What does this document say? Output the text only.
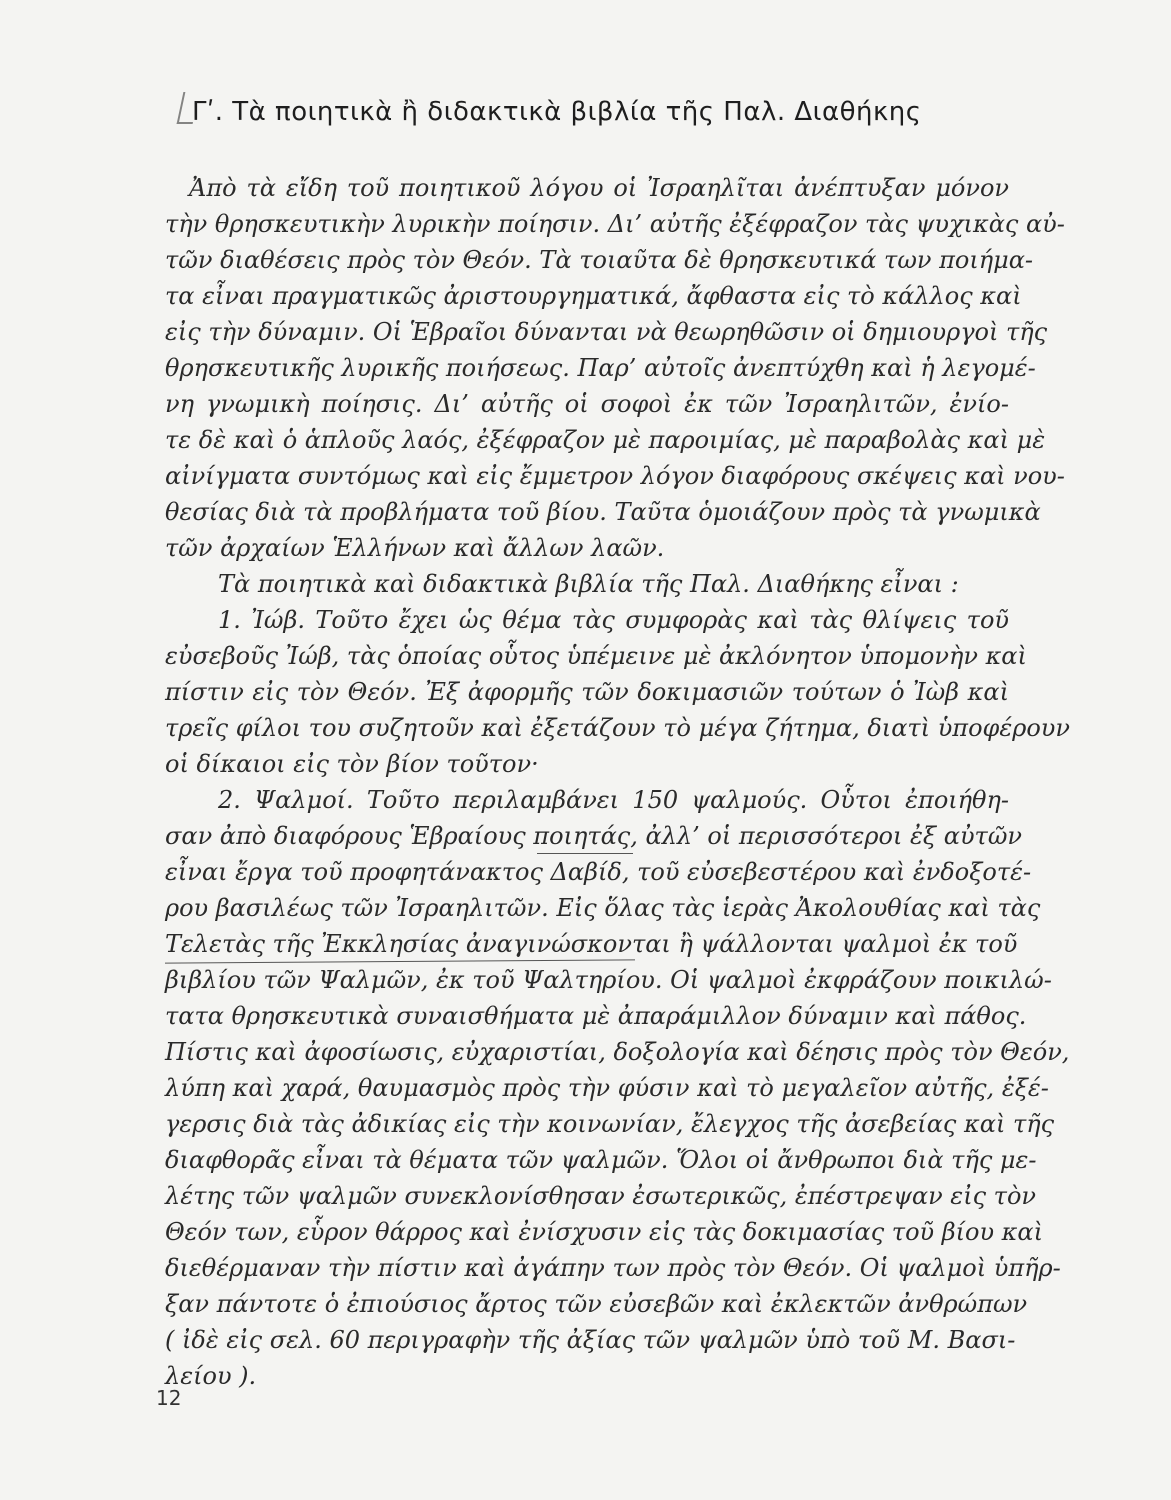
Γʹ. Τὰ ποιητικὰ ἢ διδακτικὰ βιβλία τῆς Παλ. Διαθήκης
Ἀπὸ τὰ εἴδη τοῦ ποιητικοῦ λόγου οἱ Ἰσραηλῖται ἀνέπτυξαν μόνον
τὴν θρησκευτικὴν λυρικὴν ποίησιν. Δι’ αὐτῆς ἐξέφραζον τὰς ψυχικὰς αὐ-
τῶν διαθέσεις πρὸς τὸν Θεόν. Τὰ τοιαῦτα δὲ θρησκευτικά των ποιήμα-
τα εἶναι πραγματικῶς ἀριστουργηματικά, ἄφθαστα εἰς τὸ κάλλος καὶ
εἰς τὴν δύναμιν. Οἱ Ἑβραῖοι δύνανται νὰ θεωρηθῶσιν οἱ δημιουργοὶ τῆς
θρησκευτικῆς λυρικῆς ποιήσεως. Παρ’ αὐτοῖς ἀνεπτύχθη καὶ ἡ λεγομέ-
νη γνωμικὴ ποίησις. Δι’ αὐτῆς οἱ σοφοὶ ἐκ τῶν Ἰσραηλιτῶν, ἐνίο-
τε δὲ καὶ ὁ ἁπλοῦς λαός, ἐξέφραζον μὲ παροιμίας, μὲ παραβολὰς καὶ μὲ
αἰνίγματα συντόμως καὶ εἰς ἔμμετρον λόγον διαφόρους σκέψεις καὶ νου-
θεσίας διὰ τὰ προβλήματα τοῦ βίου. Ταῦτα ὁμοιάζουν πρὸς τὰ γνωμικὰ
τῶν ἀρχαίων Ἑλλήνων καὶ ἄλλων λαῶν.
Τὰ ποιητικὰ καὶ διδακτικὰ βιβλία τῆς Παλ. Διαθήκης εἶναι :
1. Ἰώβ. Τοῦτο ἔχει ὡς θέμα τὰς συμφορὰς καὶ τὰς θλίψεις τοῦ
εὐσεβοῦς Ἰώβ, τὰς ὁποίας οὗτος ὑπέμεινε μὲ ἀκλόνητον ὑπομονὴν καὶ
πίστιν εἰς τὸν Θεόν. Ἐξ ἀφορμῆς τῶν δοκιμασιῶν τούτων ὁ Ἰὼβ καὶ
τρεῖς φίλοι του συζητοῦν καὶ ἐξετάζουν τὸ μέγα ζήτημα, διατὶ ὑποφέρουν
οἱ δίκαιοι εἰς τὸν βίον τοῦτον·
2. Ψαλμοί. Τοῦτο περιλαμβάνει 150 ψαλμούς. Οὗτοι ἐποιήθη-
σαν ἀπὸ διαφόρους Ἑβραίους ποιητάς, ἀλλ’ οἱ περισσότεροι ἐξ αὐτῶν
εἶναι ἔργα τοῦ προφητάνακτος Δαβίδ, τοῦ εὐσεβεστέρου καὶ ἐνδοξοτέ-
ρου βασιλέως τῶν Ἰσραηλιτῶν. Εἰς ὅλας τὰς ἱερὰς Ἀκολουθίας καὶ τὰς
Τελετὰς τῆς Ἐκκλησίας ἀναγινώσκονται ἢ ψάλλονται ψαλμοὶ ἐκ τοῦ
βιβλίου τῶν Ψαλμῶν, ἐκ τοῦ Ψαλτηρίου. Οἱ ψαλμοὶ ἐκφράζουν ποικιλώ-
τατα θρησκευτικὰ συναισθήματα μὲ ἀπαράμιλλον δύναμιν καὶ πάθος.
Πίστις καὶ ἀφοσίωσις, εὐχαριστίαι, δοξολογία καὶ δέησις πρὸς τὸν Θεόν,
λύπη καὶ χαρά, θαυμασμὸς πρὸς τὴν φύσιν καὶ τὸ μεγαλεῖον αὐτῆς, ἐξέ-
γερσις διὰ τὰς ἀδικίας εἰς τὴν κοινωνίαν, ἔλεγχος τῆς ἀσεβείας καὶ τῆς
διαφθορᾶς εἶναι τὰ θέματα τῶν ψαλμῶν. Ὅλοι οἱ ἄνθρωποι διὰ τῆς με-
λέτης τῶν ψαλμῶν συνεκλονίσθησαν ἐσωτερικῶς, ἐπέστρεψαν εἰς τὸν
Θεόν των, εὗρον θάρρος καὶ ἐνίσχυσιν εἰς τὰς δοκιμασίας τοῦ βίου καὶ
διεθέρμαναν τὴν πίστιν καὶ ἀγάπην των πρὸς τὸν Θεόν. Οἱ ψαλμοὶ ὑπῆρ-
ξαν πάντοτε ὁ ἐπιούσιος ἄρτος τῶν εὐσεβῶν καὶ ἐκλεκτῶν ἀνθρώπων
( ἰδὲ εἰς σελ. 60 περιγραφὴν τῆς ἀξίας τῶν ψαλμῶν ὑπὸ τοῦ Μ. Βασι-
λείου ).
12
